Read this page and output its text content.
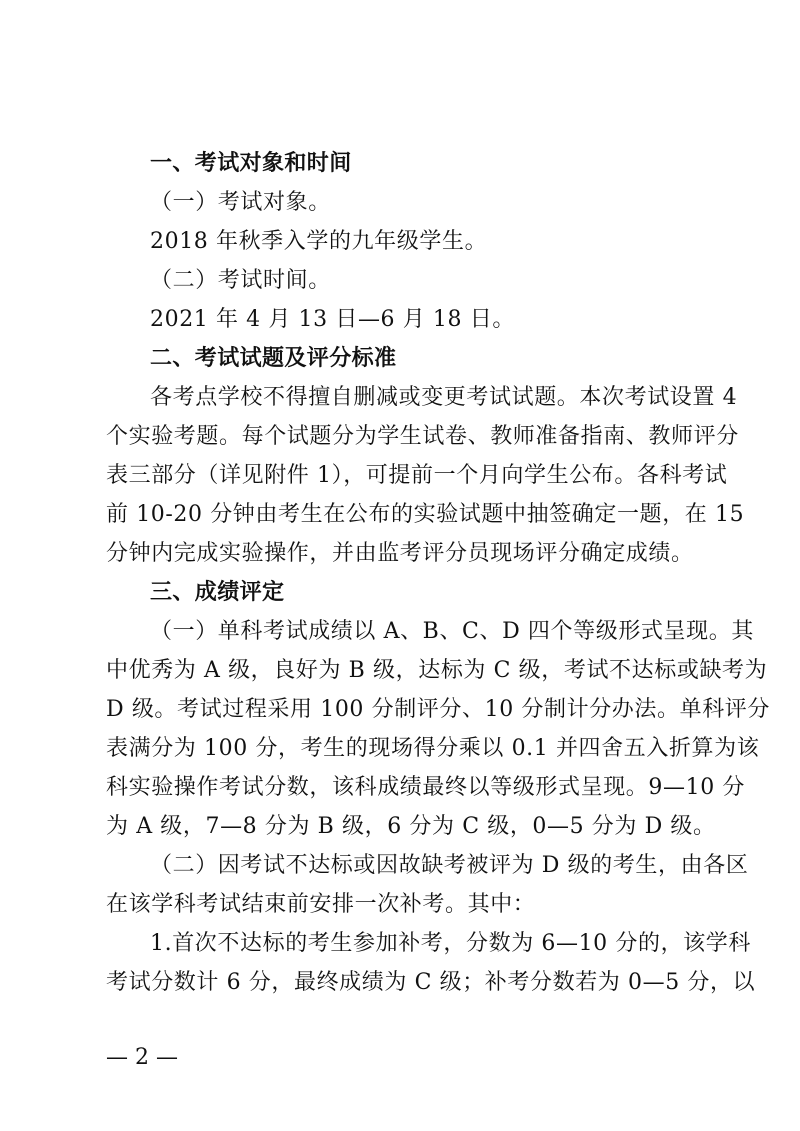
一、考试对象和时间
（一）考试对象。
2018 年秋季入学的九年级学生。
（二）考试时间。
2021 年 4 月 13 日—6 月 18 日。
二、考试试题及评分标准
各考点学校不得擅自删减或变更考试试题。本次考试设置 4
个实验考题。每个试题分为学生试卷、教师准备指南、教师评分
表三部分（详见附件 1），可提前一个月向学生公布。各科考试
前 10-20 分钟由考生在公布的实验试题中抽签确定一题，在 15
分钟内完成实验操作，并由监考评分员现场评分确定成绩。
三、成绩评定
（一）单科考试成绩以 A、B、C、D 四个等级形式呈现。其
中优秀为 A 级，良好为 B 级，达标为 C 级，考试不达标或缺考为
D 级。考试过程采用 100 分制评分、10 分制计分办法。单科评分
表满分为 100 分，考生的现场得分乘以 0.1 并四舍五入折算为该
科实验操作考试分数，该科成绩最终以等级形式呈现。9—10 分
为 A 级，7—8 分为 B 级，6 分为 C 级，0—5 分为 D 级。
（二）因考试不达标或因故缺考被评为 D 级的考生，由各区
在该学科考试结束前安排一次补考。其中：
1.首次不达标的考生参加补考，分数为 6—10 分的，该学科
考试分数计 6 分，最终成绩为 C 级；补考分数若为 0—5 分，以
— 2 —
